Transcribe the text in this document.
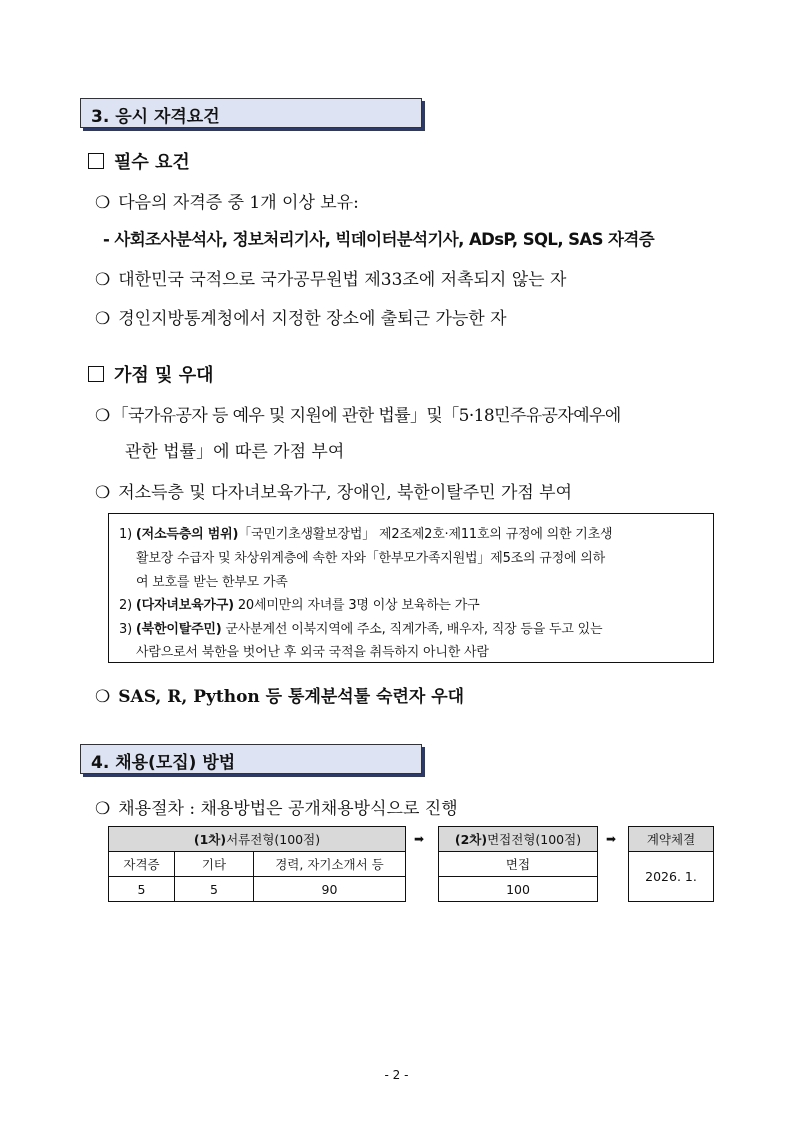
3. 응시 자격요건
필수 요건
❍ 다음의 자격증 중 1개 이상 보유:
- 사회조사분석사, 정보처리기사, 빅데이터분석기사, ADsP, SQL, SAS 자격증
❍ 대한민국 국적으로 국가공무원법 제33조에 저촉되지 않는 자
❍ 경인지방통계청에서 지정한 장소에 출퇴근 가능한 자
가점 및 우대
❍ 「국가유공자 등 예우 및 지원에 관한 법률」및「5·18민주유공자예우에
관한 법률」에 따른 가점 부여
❍ 저소득층 및 다자녀보육가구, 장애인, 북한이탈주민 가점 부여
1) (저소득층의 범위)「국민기초생활보장법」 제2조제2호·제11호의 규정에 의한 기초생
활보장 수급자 및 차상위계층에 속한 자와「한부모가족지원법」제5조의 규정에 의하
여 보호를 받는 한부모 가족
2) (다자녀보육가구) 20세미만의 자녀를 3명 이상 보육하는 가구
3) (북한이탈주민) 군사분계선 이북지역에 주소, 직계가족, 배우자, 직장 등을 두고 있는
사람으로서 북한을 벗어난 후 외국 국적을 취득하지 아니한 사람
❍ SAS, R, Python 등 통계분석툴 숙련자 우대
4. 채용(모집) 방법
❍ 채용절차 : 채용방법은 공개채용방식으로 진행
(1차)서류전형(100점)		
자격증	기타	경력, 자기소개서 등
5	5	90
➡ (2차)면접전형(100점)
면접
100
➡ 계약체결
2026. 1.
- 2 -
